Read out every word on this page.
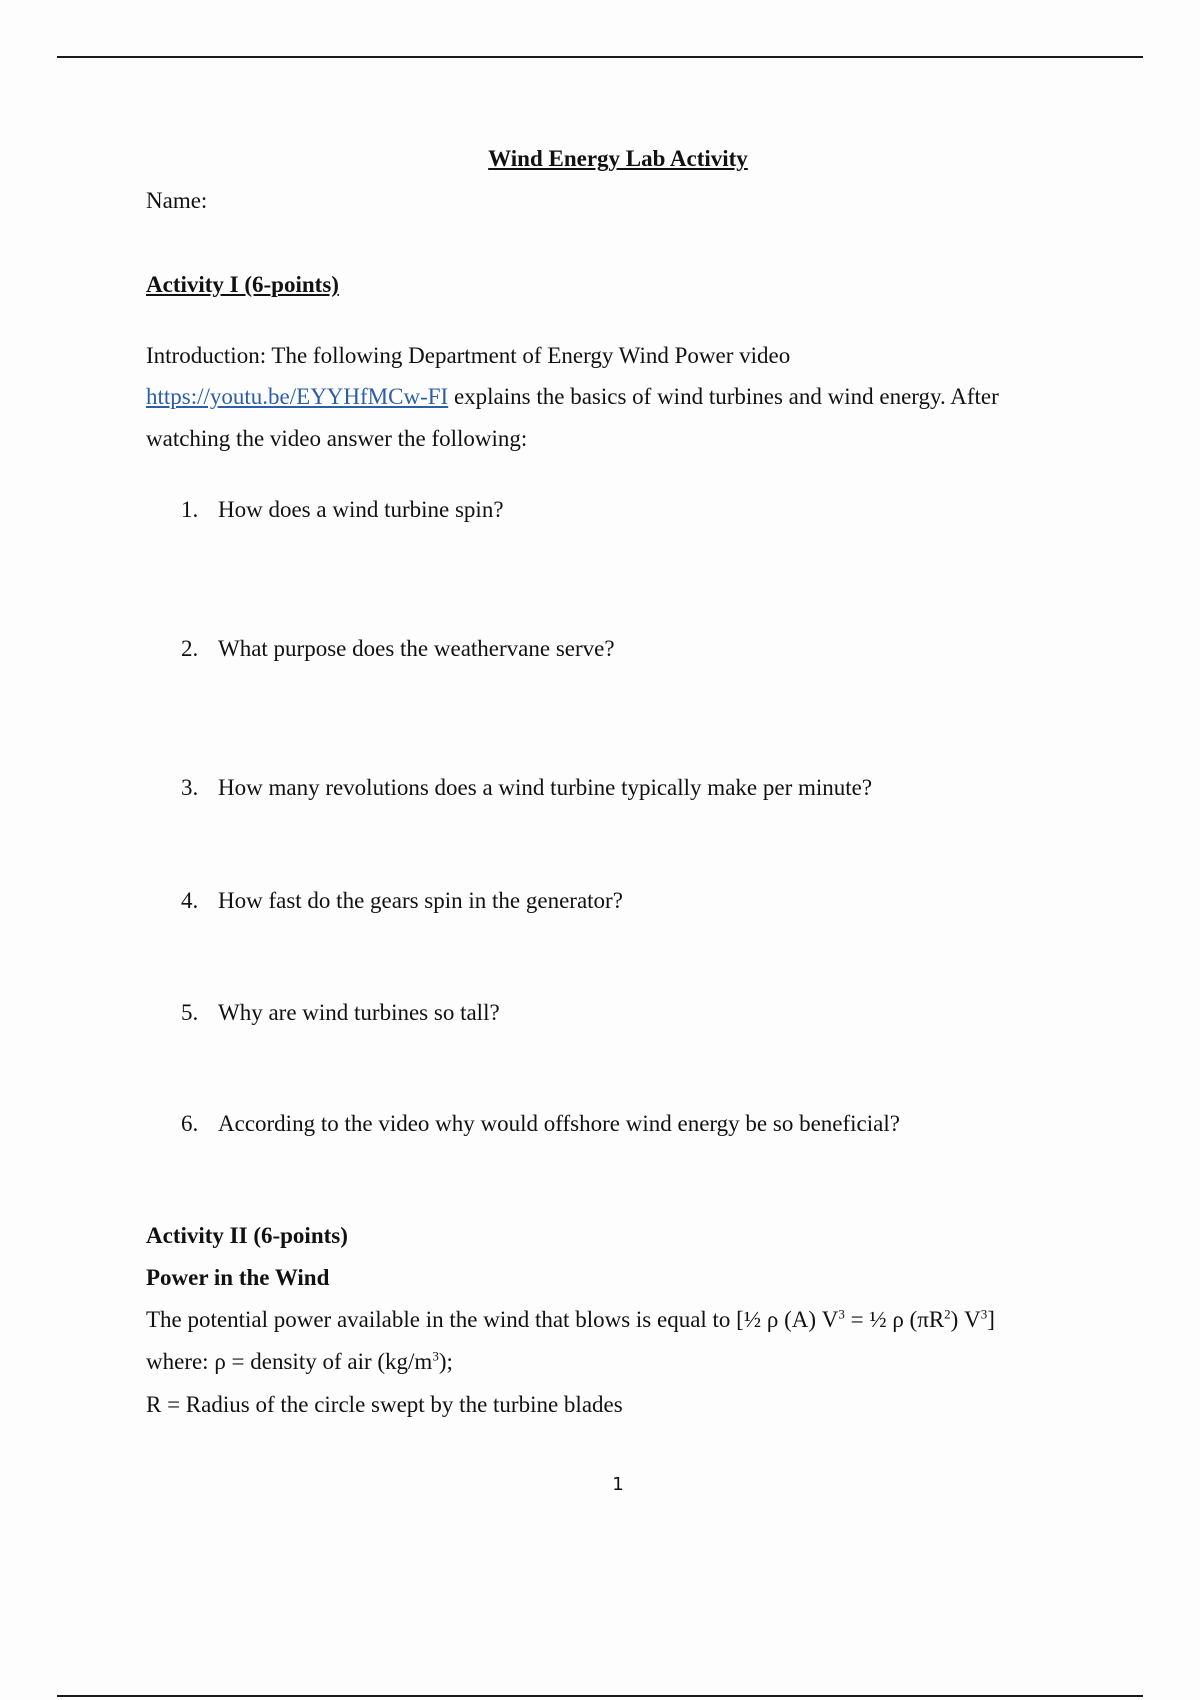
Wind Energy Lab Activity
Name:
Activity I (6-points)
Introduction: The following Department of Energy Wind Power video
https://youtu.be/EYYHfMCw-FI explains the basics of wind turbines and wind energy. After
watching the video answer the following:
1. How does a wind turbine spin?
2. What purpose does the weathervane serve?
3. How many revolutions does a wind turbine typically make per minute?
4. How fast do the gears spin in the generator?
5. Why are wind turbines so tall?
6. According to the video why would offshore wind energy be so beneficial?
Activity II (6-points)
Power in the Wind
The potential power available in the wind that blows is equal to [½ ρ (A) $V^3$ = ½ ρ $(\pi R^2)$ $V^3$]
where: ρ = density of air $(kg/m^3)$;
R = Radius of the circle swept by the turbine blades
1
